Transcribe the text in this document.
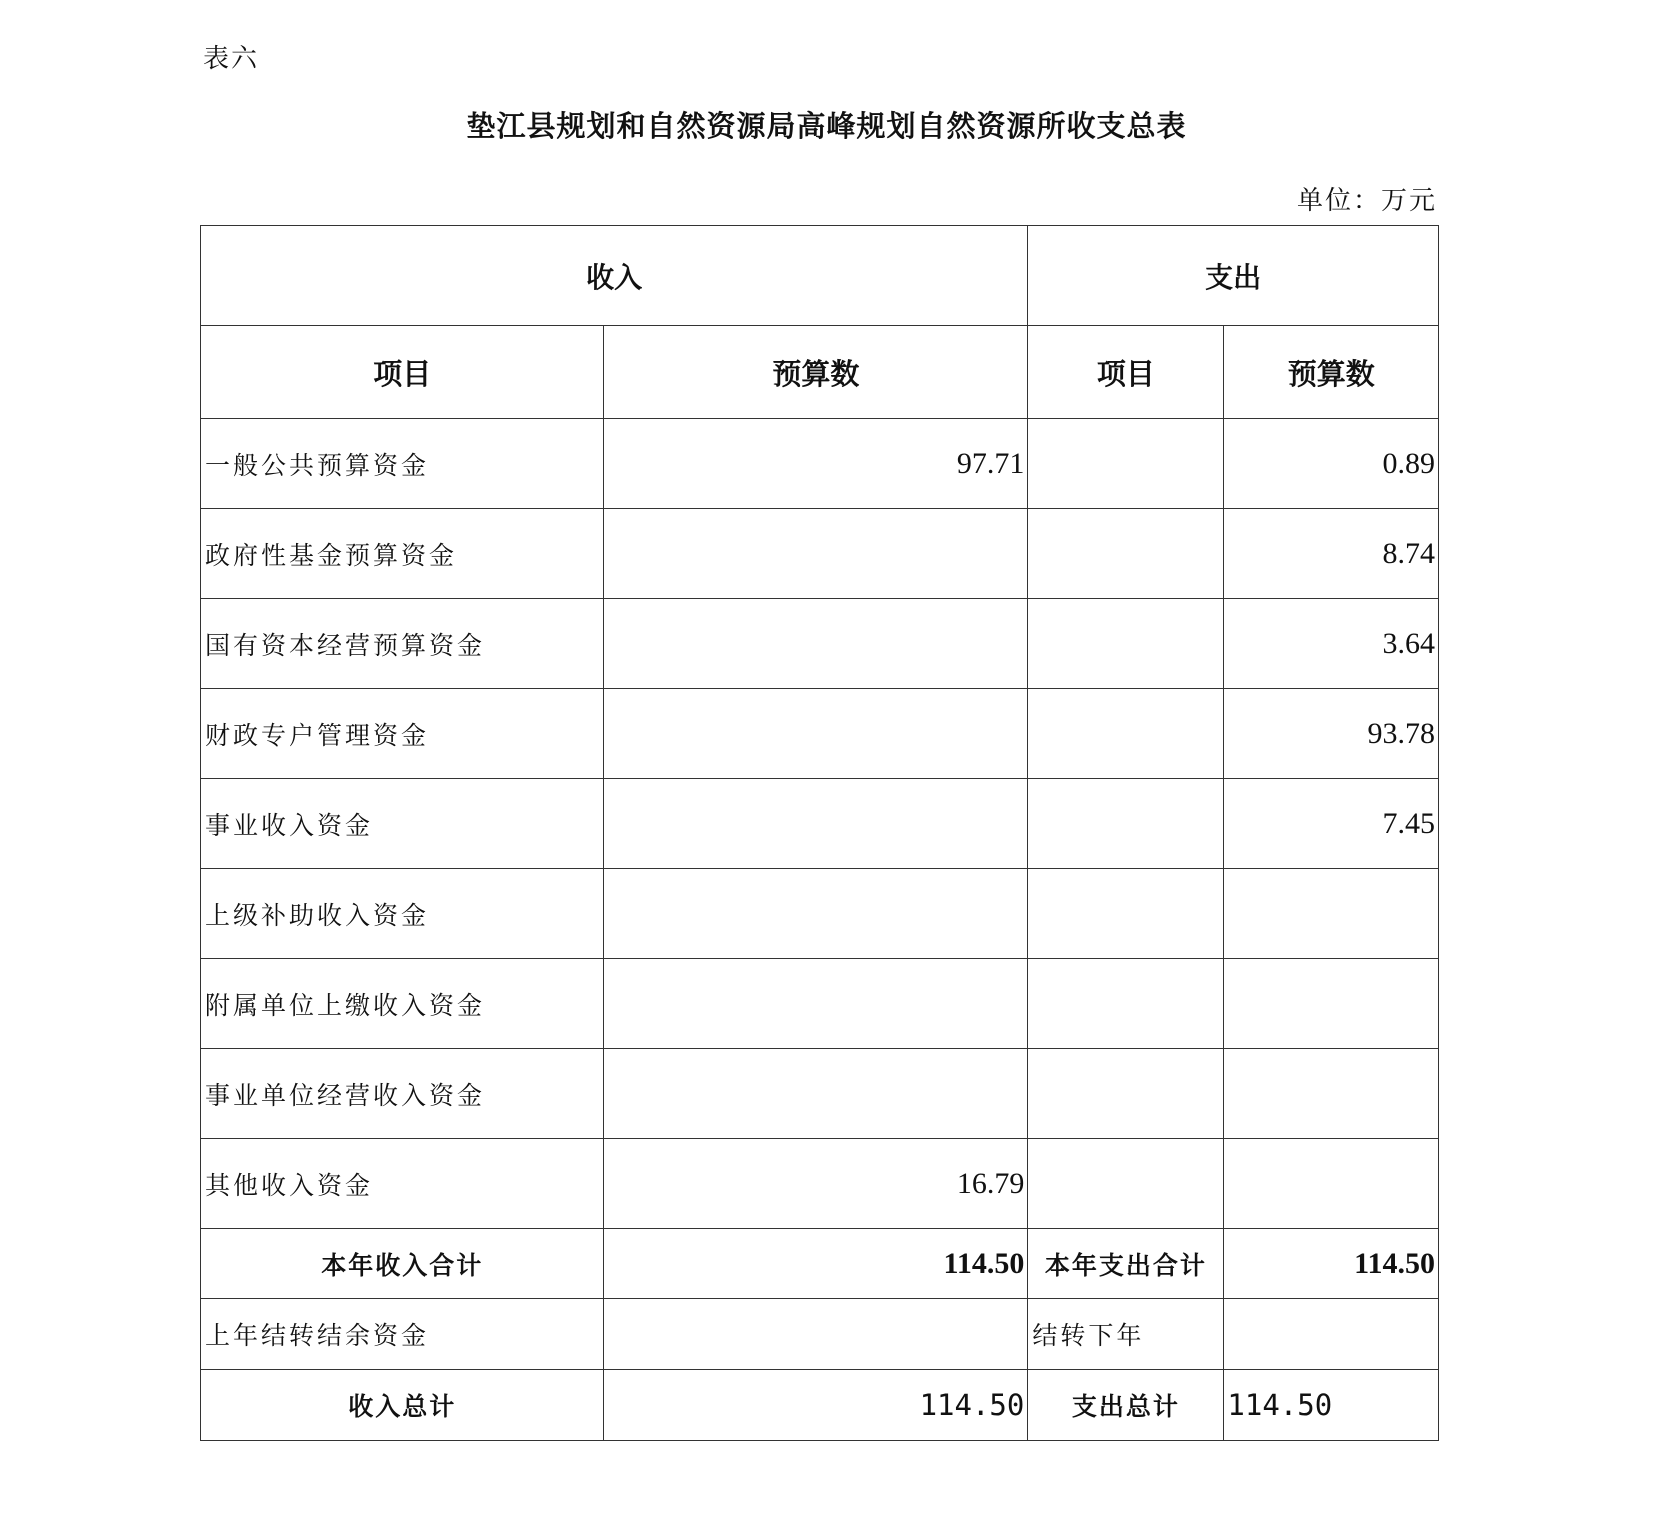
表六
垫江县规划和自然资源局高峰规划自然资源所收支总表
单位：万元
收入		支出	
项目	预算数	项目	预算数
一般公共预算资金	97.71		0.89
政府性基金预算资金			8.74
国有资本经营预算资金			3.64
财政专户管理资金			93.78
事业收入资金			7.45
上级补助收入资金			
附属单位上缴收入资金			
事业单位经营收入资金			
其他收入资金	16.79		
本年收入合计	114.50	本年支出合计	114.50
上年结转结余资金		结转下年	
收入总计	114.50	支出总计	114.50
